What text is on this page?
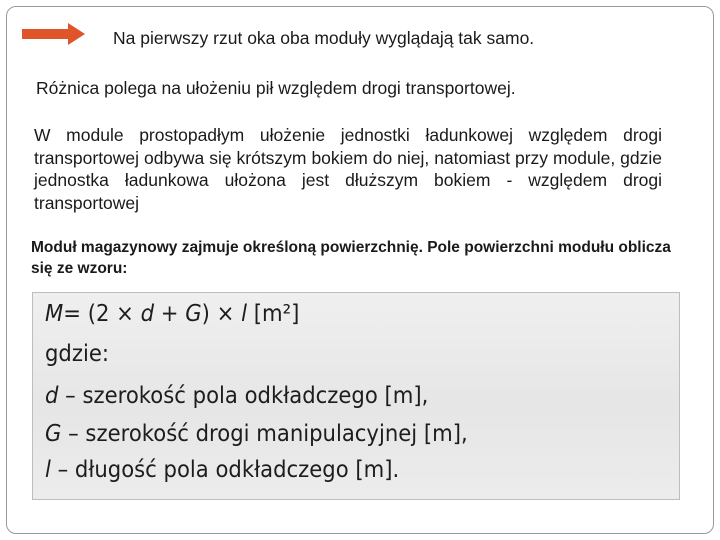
Na pierwszy rzut oka oba moduły wyglądają tak samo.
Różnica polega na ułożeniu pił względem drogi transportowej.
W module prostopadłym ułożenie jednostki ładunkowej względem drogi transportowej odbywa się krótszym bokiem do niej, natomiast przy module, gdzie jednostka ładunkowa ułożona jest dłuższym bokiem - względem drogi transportowej
Moduł magazynowy zajmuje określoną powierzchnię. Pole powierzchni modułu oblicza się ze wzoru:
M= (2 × d + G) × l [m²]
gdzie:
d – szerokość pola odkładczego [m],
G – szerokość drogi manipulacyjnej [m],
l – długość pola odkładczego [m].
